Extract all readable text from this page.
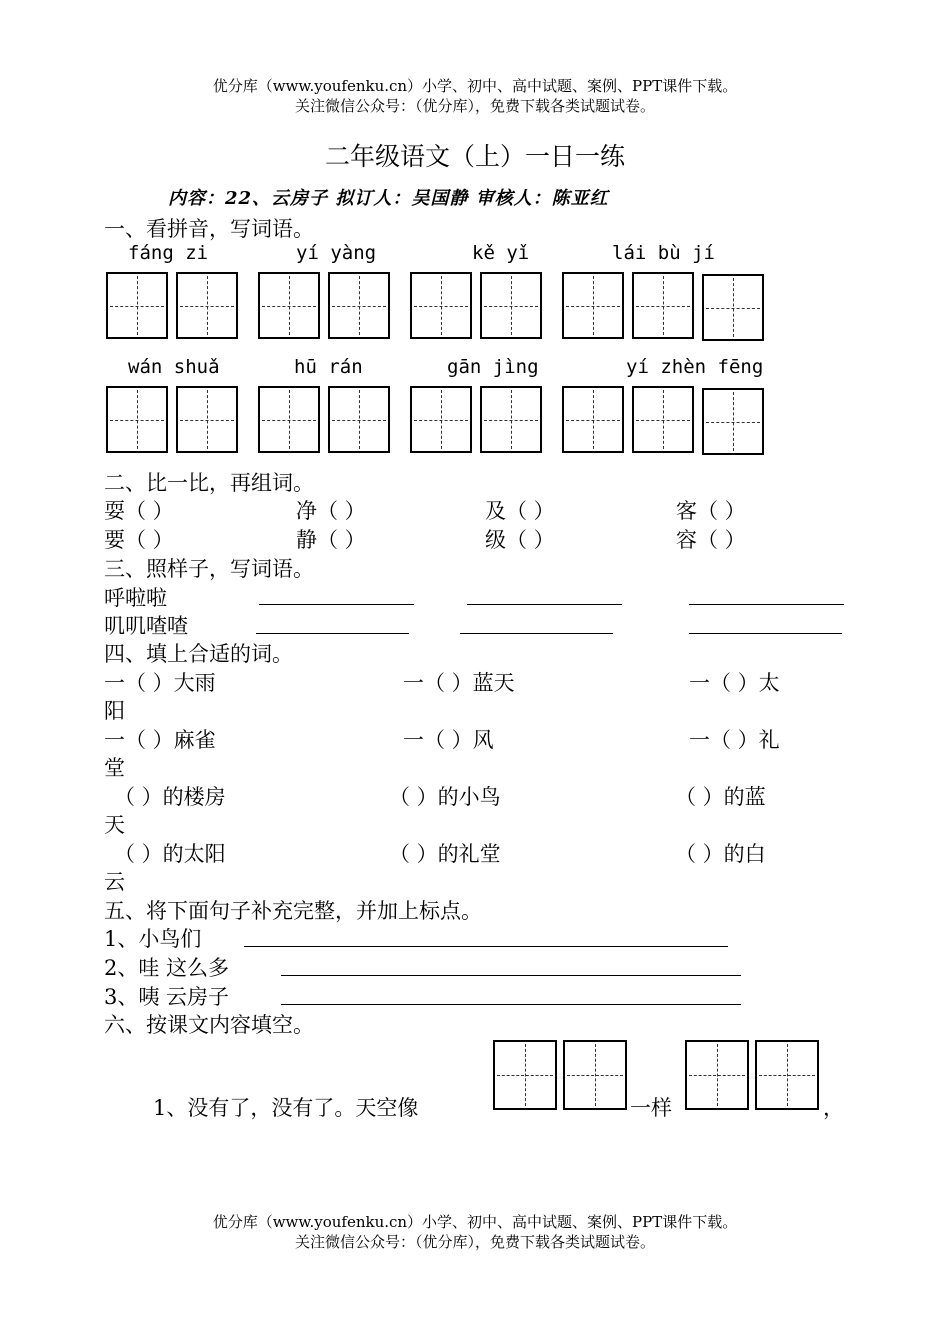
优分库（www.youfenku.cn）小学、初中、高中试题、案例、PPT课件下载。
关注微信公众号：（优分库），免费下载各类试题试卷。
二年级语文（上）一日一练
内容：22、云房子 拟订人：吴国静 审核人：陈亚红
一、看拼音，写词语。
fáng zi	yí yàng	kě yǐ	lái bù jí
wán shuǎ	hū rán	gān jìng	yí zhèn fēng
二、比一比，再组词。
耍（ ）	净（ ）	及（ ）	客（ ）
要（ ）	静（ ）	级（ ）	容（ ）
三、照样子，写词语。
呼啦啦
叽叽喳喳
四、填上合适的词。
一（ ）大雨	一（ ）蓝天	一（ ）太
阳
一（ ）麻雀	一（ ）风	一（ ）礼
堂
（ ）的楼房	（ ）的小鸟	（ ）的蓝
天
（ ）的太阳	（ ）的礼堂	（ ）的白
云
五、将下面句子补充完整，并加上标点。
1、小鸟们
2、哇 这么多
3、咦 云房子
六、按课文内容填空。
1、没有了，没有了。天空像	一样	，
优分库（www.youfenku.cn）小学、初中、高中试题、案例、PPT课件下载。
关注微信公众号：（优分库），免费下载各类试题试卷。
